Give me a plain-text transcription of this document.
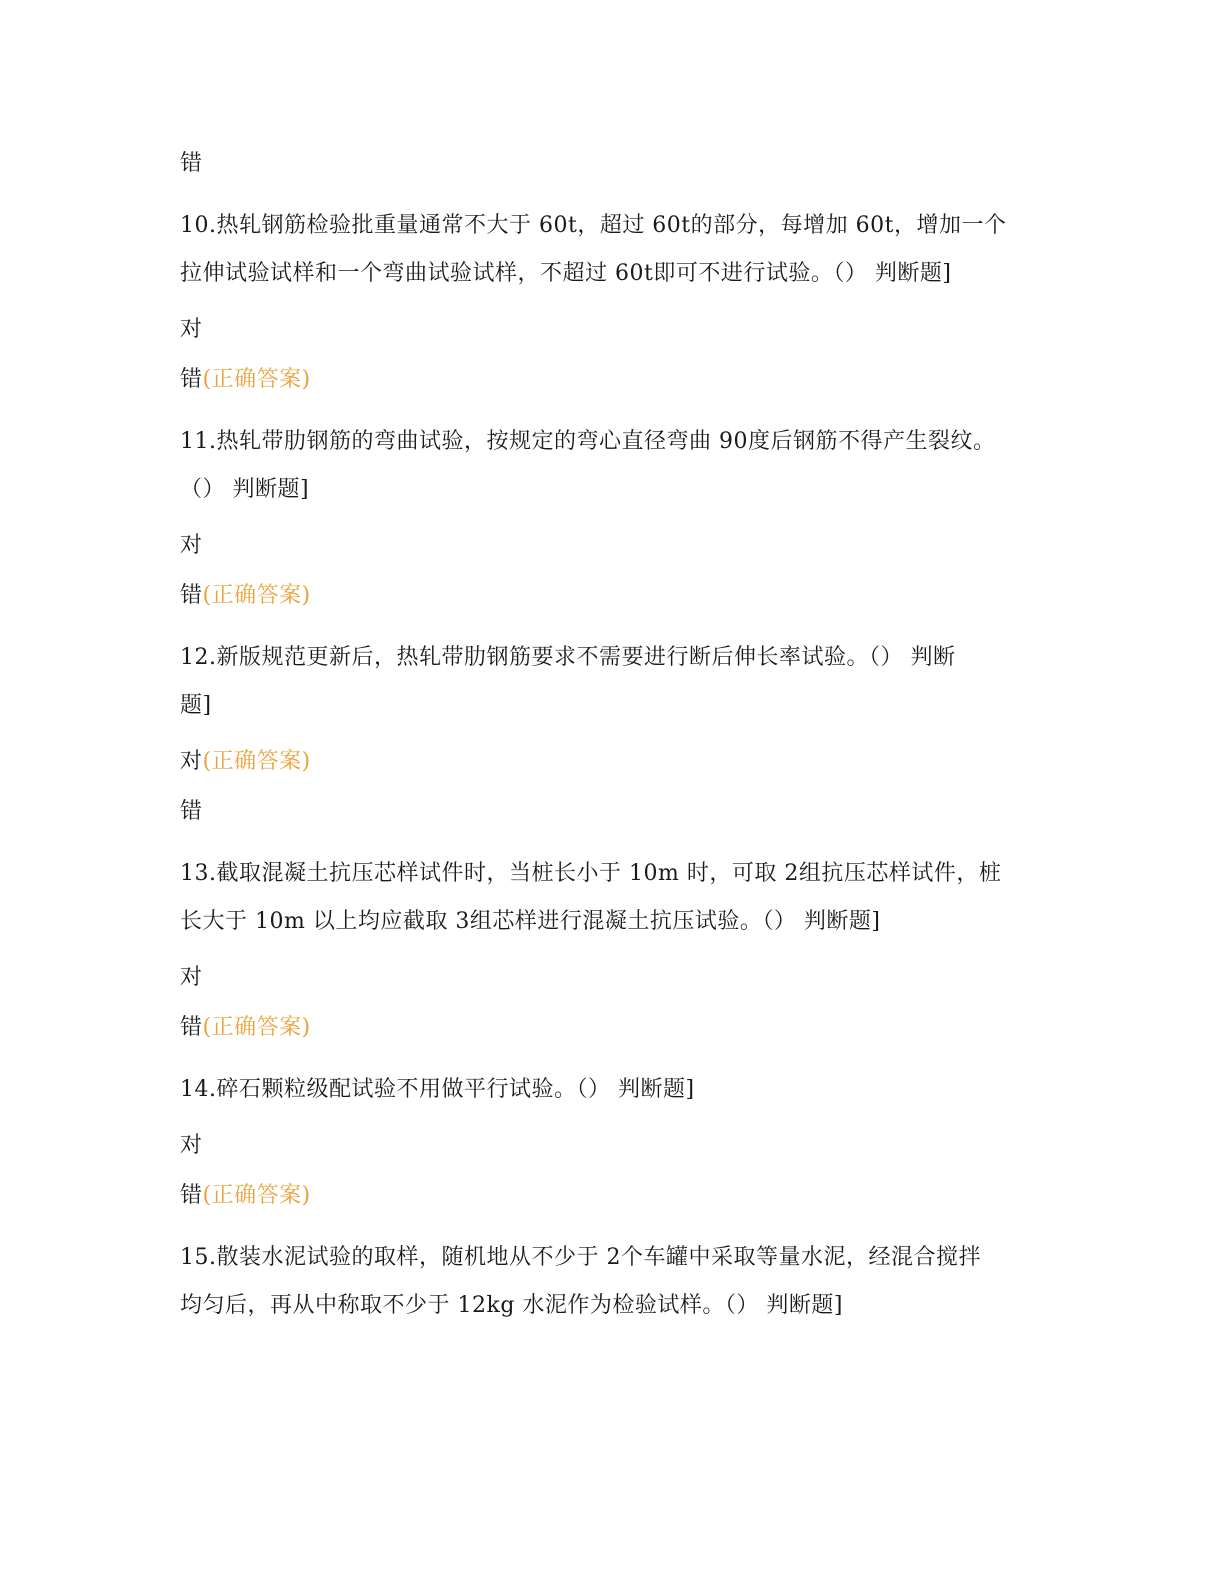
错
10.热轧钢筋检验批重量通常不大于 60t，超过 60t的部分，每增加 60t，增加一个
拉伸试验试样和一个弯曲试验试样，不超过 60t即可不进行试验。（） 判断题]
对
错(正确答案)
11.热轧带肋钢筋的弯曲试验，按规定的弯心直径弯曲 90度后钢筋不得产生裂纹。
（） 判断题]
对
错(正确答案)
12.新版规范更新后，热轧带肋钢筋要求不需要进行断后伸长率试验。（） 判断
题]
对(正确答案)
错
13.截取混凝土抗压芯样试件时，当桩长小于 10m 时，可取 2组抗压芯样试件，桩
长大于 10m 以上均应截取 3组芯样进行混凝土抗压试验。（） 判断题]
对
错(正确答案)
14.碎石颗粒级配试验不用做平行试验。（） 判断题]
对
错(正确答案)
15.散装水泥试验的取样，随机地从不少于 2个车罐中采取等量水泥，经混合搅拌
均匀后，再从中称取不少于 12kg 水泥作为检验试样。（） 判断题]
